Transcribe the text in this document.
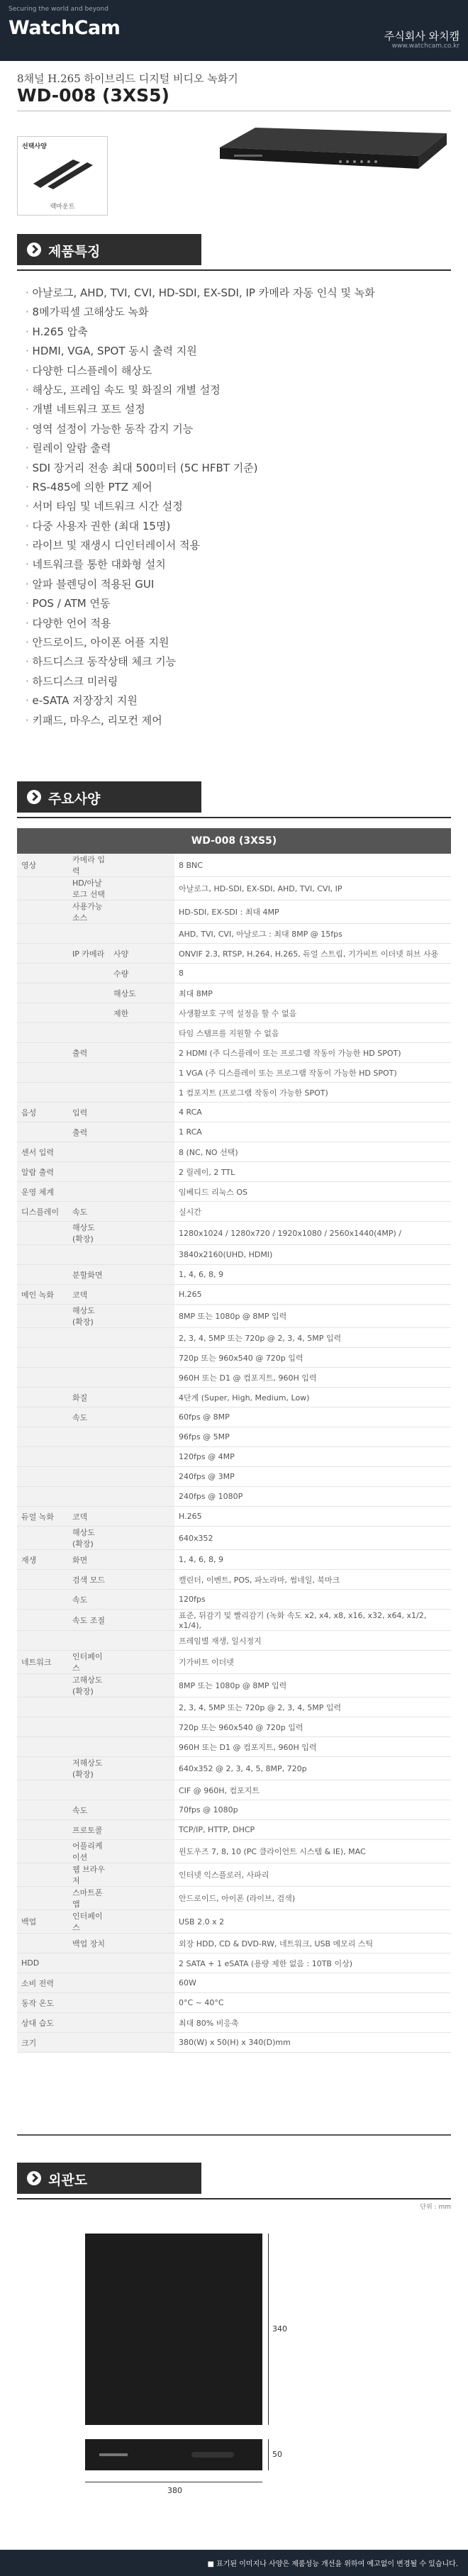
Securing the world and beyond
WatchCam	주식회사 와치캠
www.watchcam.co.kr
8채널 H.265 하이브리드 디지털 비디오 녹화기
WD-008 (3XS5)
선택사양
랙마운트
제품특징
· 아날로그, AHD, TVI, CVI, HD-SDI, EX-SDI, IP 카메라 자동 인식 및 녹화
· 8메가픽셀 고해상도 녹화
· H.265 압축
· HDMI, VGA, SPOT 동시 출력 지원
· 다양한 디스플레이 해상도
· 해상도, 프레임 속도 및 화질의 개별 설정
· 개별 네트워크 포트 설정
· 영역 설정이 가능한 동작 감지 기능
· 릴레이 알람 출력
· SDI 장거리 전송 최대 500미터 (5C HFBT 기준)
· RS-485에 의한 PTZ 제어
· 서머 타임 및 네트워크 시간 설정
· 다중 사용자 권한 (최대 15명)
· 라이브 및 재생시 디인터레이서 적용
· 네트워크를 통한 대화형 설치
· 알파 블렌딩이 적용된 GUI
· POS / ATM 연동
· 다양한 언어 적용
· 안드로이드, 아이폰 어플 지원
· 하드디스크 동작상태 체크 기능
· 하드디스크 미러링
· e-SATA 저장장치 지원
· 키패드, 마우스, 리모컨 제어
주요사양
WD-008 (3XS5)
영상	카메라 입력			8 BNC
	HD/아날로그 선택			아날로그, HD-SDI, EX-SDI, AHD, TVI, CVI, IP
	사용가능 소스			HD-SDI, EX-SDI : 최대 4MP
				AHD, TVI, CVI, 아날로그 : 최대 8MP @ 15fps
	IP 카메라	사양		ONVIF 2.3, RTSP, H.264, H.265, 듀얼 스트림, 기가비트 이더넷 허브 사용
		수량		8
		해상도		최대 8MP
		제한		사생활보호 구역 설정을 할 수 없음
				타임 스탬프를 지원할 수 없음
	출력			2 HDMI (주 디스플레이 또는 프로그램 작동이 가능한 HD SPOT)
				1 VGA (주 디스플레이 또는 프로그램 작동이 가능한 HD SPOT)
				1 컴포지트 (프로그램 작동이 가능한 SPOT)
음성	입력			4 RCA
	출력			1 RCA
센서 입력				8 (NC, NO 선택)
알람 출력				2 릴레이, 2 TTL
운영 체계				임베디드 리눅스 OS
디스플레이	속도			실시간
	해상도 (확장)			1280x1024 / 1280x720 / 1920x1080 / 2560x1440(4MP) /
				3840x2160(UHD, HDMI)
	분할화면			1, 4, 6, 8, 9
메인 녹화	코덱			H.265
	해상도 (확장)			8MP 또는 1080p @ 8MP 입력
				2, 3, 4, 5MP 또는 720p @ 2, 3, 4, 5MP 입력
				720p 또는 960x540 @ 720p 입력
				960H 또는 D1 @ 컴포지트, 960H 입력
	화질			4단계 (Super, High, Medium, Low)
	속도			60fps @ 8MP
				96fps @ 5MP
				120fps @ 4MP
				240fps @ 3MP
				240fps @ 1080P
듀얼 녹화	코덱			H.265
	해상도 (확장)			640x352
재생	화면			1, 4, 6, 8, 9
	검색 모드			캘린더, 이벤트, POS, 파노라마, 썸네일, 북마크
	속도			120fps
	속도 조절			표준, 뒤감기 및 빨리감기 (녹화 속도 x2, x4, x8, x16, x32, x64, x1/2, x1/4),
				프레임별 재생, 일시정지
네트워크	인터페이스			기가비트 이더넷
	고해상도 (확장)			8MP 또는 1080p @ 8MP 입력
				2, 3, 4, 5MP 또는 720p @ 2, 3, 4, 5MP 입력
				720p 또는 960x540 @ 720p 입력
				960H 또는 D1 @ 컴포지트, 960H 입력
	저해상도 (확장)			640x352 @ 2, 3, 4, 5, 8MP, 720p
				CIF @ 960H, 컴포지트
	속도			70fps @ 1080p
	프로토콜			TCP/IP, HTTP, DHCP
	어플리케이션			윈도우즈 7, 8, 10 (PC 클라이언트 시스템 & IE), MAC
	웹 브라우저			인터넷 익스플로러, 사파리
	스마트폰 앱			안드로이드, 아이폰 (라이브, 검색)
백업	인터페이스			USB 2.0 x 2
	백업 장치			외장 HDD, CD & DVD-RW, 네트워크, USB 메모리 스틱
HDD				2 SATA + 1 eSATA (용량 제한 없음 : 10TB 이상)
소비 전력				60W
동작 온도				0°C ~ 40°C
상대 습도				최대 80% 비응축
크기				380(W) x 50(H) x 340(D)mm
외관도
단위 : mm
340
50
380
■ 표기된 이미지나 사양은 제품성능 개선을 위하여 예고없이 변경될 수 있습니다.
